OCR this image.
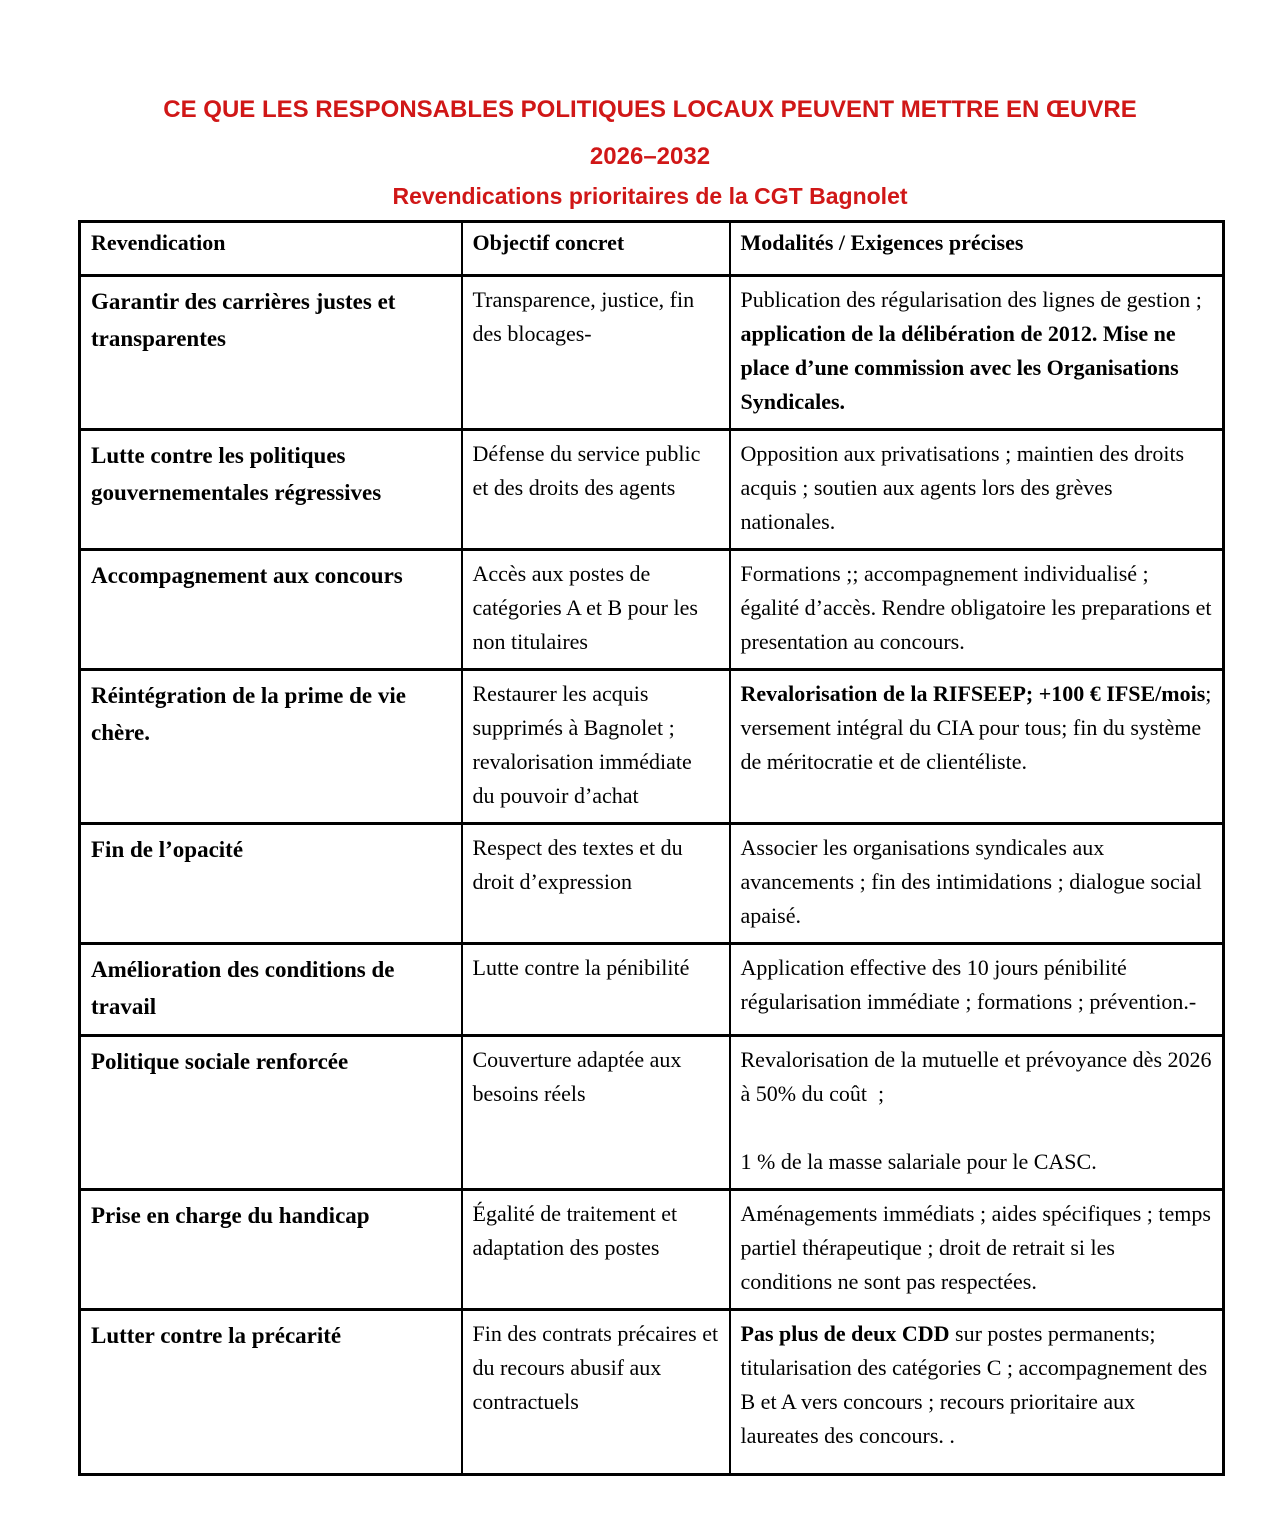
CE QUE LES RESPONSABLES POLITIQUES LOCAUX PEUVENT METTRE EN ŒUVRE
2026–2032
Revendications prioritaires de la CGT Bagnolet
Revendication	Objectif concret	Modalités / Exigences précises
Garantir des carrières justes et transparentes	Transparence, justice, fin des blocages-	Publication des régularisation des lignes de gestion ; application de la délibération de 2012. Mise ne place d’une commission avec les Organisations Syndicales.

Lutte contre les politiques gouvernementales régressives	Défense du service public et des droits des agents	Opposition aux privatisations ; maintien des droits acquis ; soutien aux agents lors des grèves nationales.

Accompagnement aux concours	Accès aux postes de catégories A et B pour les non titulaires	Formations ;; accompagnement individualisé ; égalité d’accès. Rendre obligatoire les preparations et presentation au concours.

Réintégration de la prime de vie chère.	Restaurer les acquis supprimés à Bagnolet ; revalorisation immédiate du pouvoir d’achat	Revalorisation de la RIFSEEP; +100 € IFSE/mois; versement intégral du CIA pour tous; fin du système de méritocratie et de clientéliste.

Fin de l’opacité	Respect des textes et du droit d’expression	Associer les organisations syndicales aux avancements ; fin des intimidations ; dialogue social apaisé.

Amélioration des conditions de travail	Lutte contre la pénibilité	Application effective des 10 jours pénibilité régularisation immédiate ; formations ; prévention.-

Politique sociale renforcée	Couverture adaptée aux besoins réels	Revalorisation de la mutuelle et prévoyance dès 2026 à 50% du coût  ;

1 % de la masse salariale pour le CASC.

Prise en charge du handicap	Égalité de traitement et adaptation des postes	Aménagements immédiats ; aides spécifiques ; temps partiel thérapeutique ; droit de retrait si les conditions ne sont pas respectées.

Lutter contre la précarité	Fin des contrats précaires et du recours abusif aux contractuels	Pas plus de deux CDD sur postes permanents; titularisation des catégories C ; accompagnement des B et A vers concours ; recours prioritaire aux laureates des concours. .
